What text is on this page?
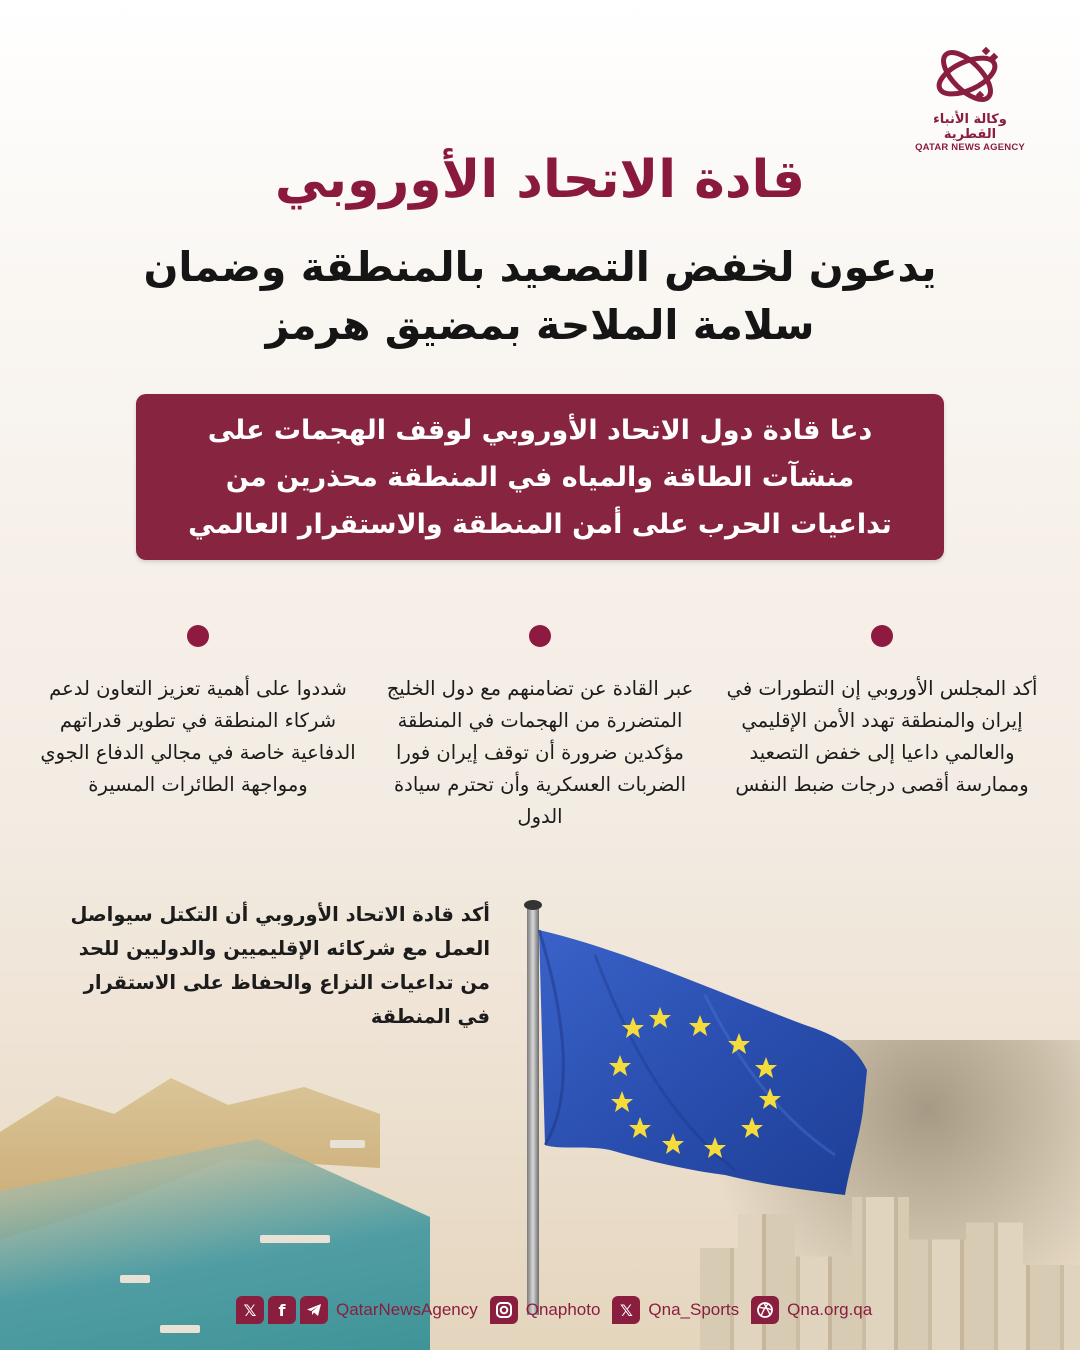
وكالة الأنباء القطرية
QATAR NEWS AGENCY
قادة الاتحاد الأوروبي
يدعون لخفض التصعيد بالمنطقة وضمان
سلامة الملاحة بمضيق هرمز

دعا قادة دول الاتحاد الأوروبي لوقف الهجمات على منشآت الطاقة والمياه في المنطقة محذرين من تداعيات الحرب على أمن المنطقة والاستقرار العالمي

أكد المجلس الأوروبي إن التطورات في إيران والمنطقة تهدد الأمن الإقليمي والعالمي داعيا إلى خفض التصعيد وممارسة أقصى درجات ضبط النفس

عبر القادة عن تضامنهم مع دول الخليج المتضررة من الهجمات في المنطقة مؤكدين ضرورة أن توقف إيران فورا الضربات العسكرية وأن تحترم سيادة الدول

شددوا على أهمية تعزيز التعاون لدعم شركاء المنطقة في تطوير قدراتهم الدفاعية خاصة في مجالي الدفاع الجوي ومواجهة الطائرات المسيرة

أكد قادة الاتحاد الأوروبي أن التكتل سيواصل العمل مع شركائه الإقليميين والدوليين للحد من تداعيات النزاع والحفاظ على الاستقرار في المنطقة

𝕏	f	QatarNewsAgency	Qnaphoto	𝕏 Qna_Sports	Qna.org.qa
